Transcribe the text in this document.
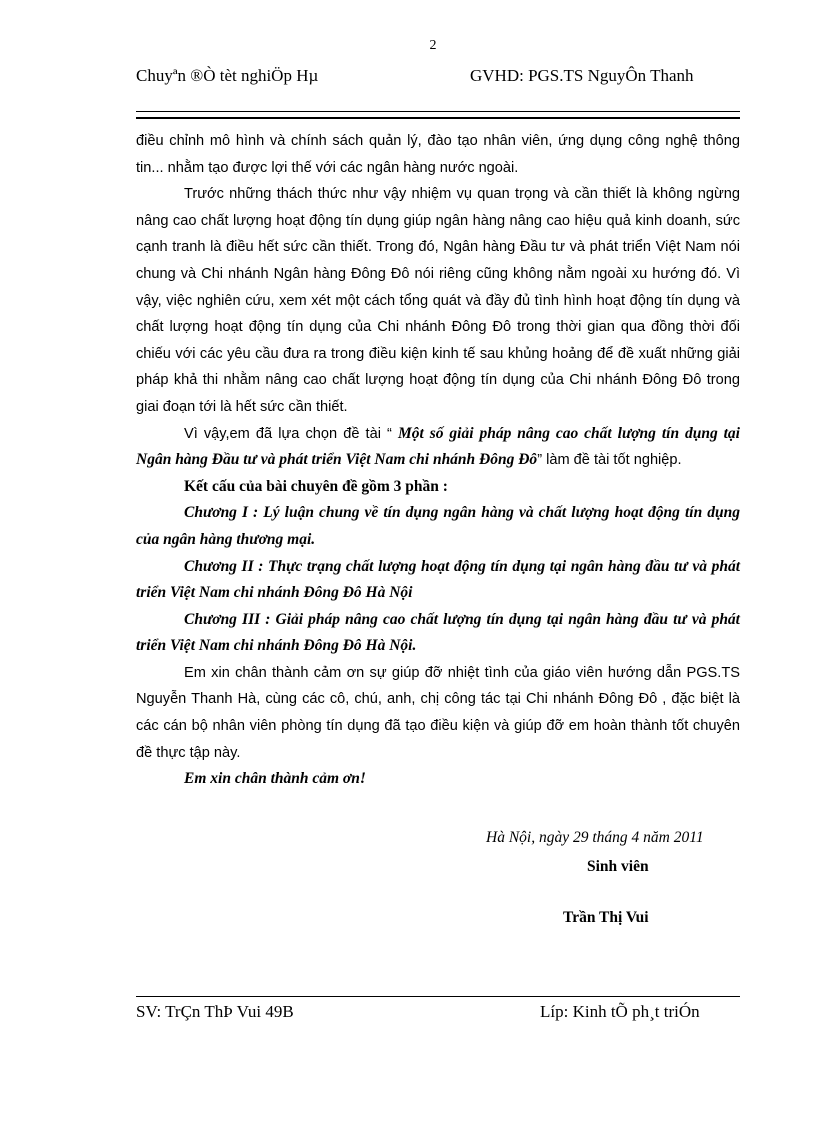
2
Chuyªn ®Ò tèt nghiÖp Hµ	GVHD: PGS.TS NguyÔn Thanh

điều chỉnh mô hình và chính sách quản lý, đào tạo nhân viên, ứng dụng công nghệ thông tin... nhằm tạo được lợi thế với các ngân hàng nước ngoài.

Trước những thách thức như vậy nhiệm vụ quan trọng và cần thiết là không ngừng nâng cao chất lượng hoạt động tín dụng giúp ngân hàng nâng cao hiệu quả kinh doanh, sức cạnh tranh là điều hết sức cần thiết. Trong đó, Ngân hàng Đầu tư và phát triển Việt Nam nói chung và Chi nhánh Ngân hàng Đông Đô nói riêng cũng không nằm ngoài xu hướng đó. Vì vậy, việc nghiên cứu, xem xét một cách tổng quát và đầy đủ tình hình hoạt động tín dụng và chất lượng hoạt động tín dụng của Chi nhánh Đông Đô trong thời gian qua đồng thời đối chiếu với các yêu cầu đưa ra trong điều kiện kinh tế sau khủng hoảng để đề xuất những giải pháp khả thi nhằm nâng cao chất lượng hoạt động tín dụng của Chi nhánh Đông Đô trong giai đoạn tới là hết sức cần thiết.

Vì vậy,em đã lựa chọn đề tài “ Một số giải pháp nâng cao chất lượng tín dụng tại Ngân hàng Đầu tư và phát triển Việt Nam chi nhánh Đông Đô” làm đề tài tốt nghiệp.

Kết cấu của bài chuyên đề gồm 3 phần :

Chương I : Lý luận chung về tín dụng ngân hàng và chất lượng hoạt động tín dụng của ngân hàng thương mại.

Chương II : Thực trạng chất lượng hoạt động tín dụng tại ngân hàng đầu tư và phát triển Việt Nam chi nhánh Đông Đô Hà Nội

Chương III : Giải pháp nâng cao chất lượng tín dụng tại ngân hàng đầu tư và phát triển Việt Nam chi nhánh Đông Đô Hà Nội.

Em xin chân thành cảm ơn sự giúp đỡ nhiệt tình của giáo viên hướng dẫn PGS.TS Nguyễn Thanh Hà, cùng các cô, chú, anh, chị công tác tại Chi nhánh Đông Đô , đặc biệt là các cán bộ nhân viên phòng tín dụng đã tạo điều kiện và giúp đỡ em hoàn thành tốt chuyên đề thực tập này.

Em xin chân thành cảm ơn!

Hà Nội, ngày 29 tháng 4 năm 2011
Sinh viên
Trần Thị Vui
SV: TrÇn ThÞ Vui 49B	Líp: Kinh tÕ ph¸t triÓn
